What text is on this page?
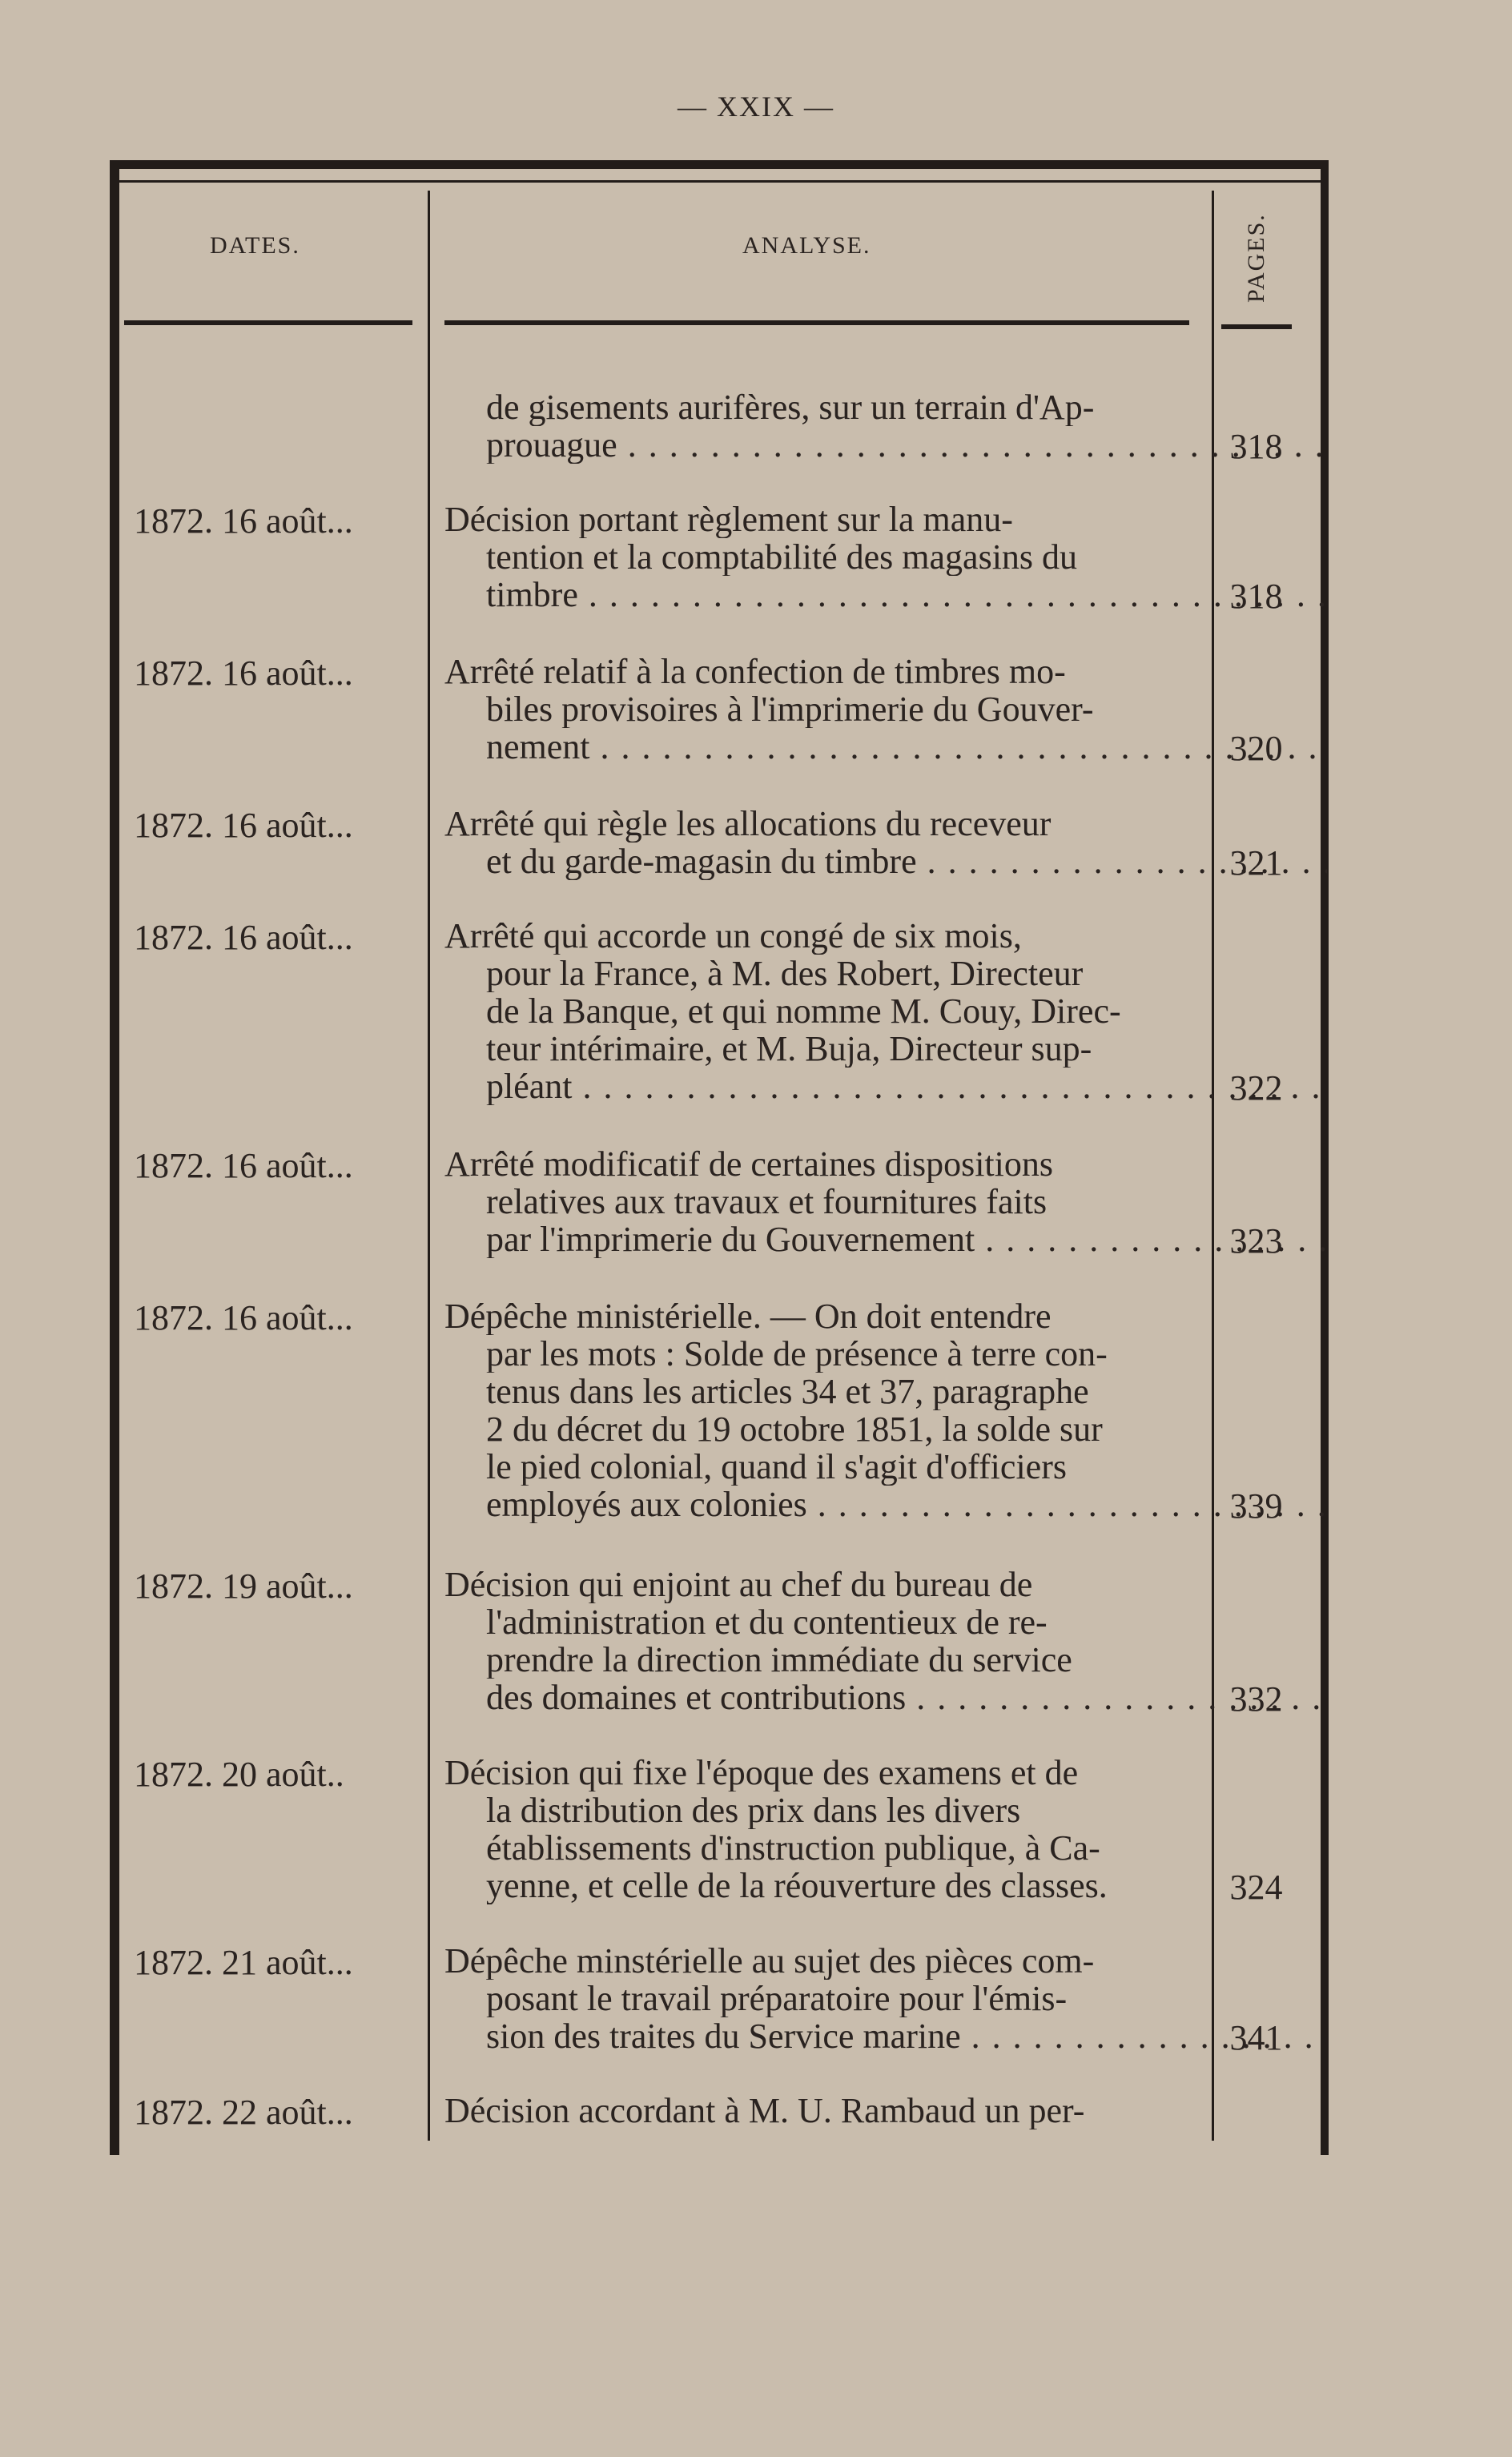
— XXIX —
DATES.	ANALYSE.	PAGES.
de gisements aurifères, sur un terrain d'Ap-
prouague . . .	318
1872. 16 août...	Décision portant règlement sur la manu-
tention et la comptabilité des magasins du
timbre . . .	318
1872. 16 août...	Arrêté relatif à la confection de timbres mo-
biles provisoires à l'imprimerie du Gouver-
nement . . .	320
1872. 16 août...	Arrêté qui règle les allocations du receveur
et du garde-magasin du timbre . . .	321
1872. 16 août...	Arrêté qui accorde un congé de six mois,
pour la France, à M. des Robert, Directeur
de la Banque, et qui nomme M. Couy, Direc-
teur intérimaire, et M. Buja, Directeur sup-
pléant . . .	322
1872. 16 août...	Arrêté modificatif de certaines dispositions
relatives aux travaux et fournitures faits
par l'imprimerie du Gouvernement . . .	323
1872. 16 août...	Dépêche ministérielle. — On doit entendre
par les mots : Solde de présence à terre con-
tenus dans les articles 34 et 37, paragraphe
2 du décret du 19 octobre 1851, la solde sur
le pied colonial, quand il s'agit d'officiers
employés aux colonies . . .	339
1872. 19 août...	Décision qui enjoint au chef du bureau de
l'administration et du contentieux de re-
prendre la direction immédiate du service
des domaines et contributions . . .	332
1872. 20 août..	Décision qui fixe l'époque des examens et de
la distribution des prix dans les divers
établissements d'instruction publique, à Ca-
yenne, et celle de la réouverture des classes.	324
1872. 21 août...	Dépêche minstérielle au sujet des pièces com-
posant le travail préparatoire pour l'émis-
sion des traites du Service marine . . .	341
1872. 22 août...	Décision accordant à M. U. Rambaud un per-
